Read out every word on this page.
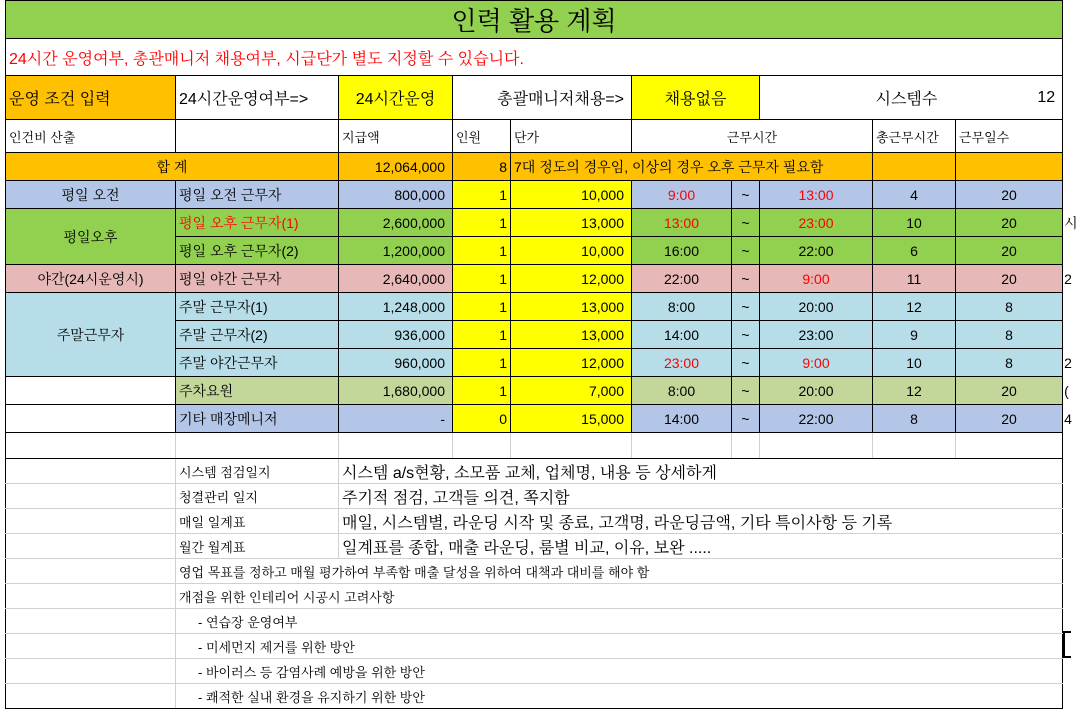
인력 활용 계획										
24시간 운영여부, 총관매니저 채용여부, 시급단가 별도 지정할 수 있습니다.										
운영 조건 입력	24시간운영여부=>	24시간운영	총괄매니저채용=>		채용없음			시스템수	12	
인건비 산출		지급액	인원	단가	근무시간			총근무시간	근무일수	
합 계		12,064,000	8	7대 정도의 경우임, 이상의 경우 오후 근무자 필요함						
평일 오전	평일 오전 근무자	800,000	1	10,000	9:00	~	13:00	4	20	

평일오후	평일 오후 근무자(1)	2,600,000	1	13,000	13:00	~	23:00	10	20	시

	평일 오후 근무자(2)	1,200,000	1	10,000	16:00	~	22:00	6	20	

야간(24시운영시)	평일 야간 근무자	2,640,000	1	12,000	22:00	~	9:00	11	20	2

주말근무자	주말 근무자(1)	1,248,000	1	13,000	8:00	~	20:00	12	8	

	주말 근무자(2)	936,000	1	13,000	14:00	~	23:00	9	8	

	주말 야간근무자	960,000	1	12,000	23:00	~	9:00	10	8	2

	주차요원	1,680,000	1	7,000	8:00	~	20:00	12	20	(

	기타 매장메니저	-	0	15,000	14:00	~	22:00	8	20	4

	시스템 점검일지	시스템 a/s현황, 소모품 교체, 업체명, 내용 등 상세하게								
	청결관리 일지	주기적 점검, 고객들 의견, 쪽지함								
	매일 일계표	매일, 시스템별, 라운딩 시작 및 종료, 고객명, 라운딩금액, 기타 특이사항 등 기록								
	월간 월계표	일계표를 종합, 매출 라운딩, 룸별 비교, 이유, 보완 .....								
	영업 목표를 정하고 매월 평가하여 부족함 매출 달성을 위하여 대책과 대비를 해야 함									
	개점을 위한 인테리어 시공시 고려사항									
	- 연습장 운영여부									
	- 미세먼지 제거를 위한 방안									
	- 바이러스 등 감염사례 예방을 위한 방안									
	- 쾌적한 실내 환경을 유지하기 위한 방안									
